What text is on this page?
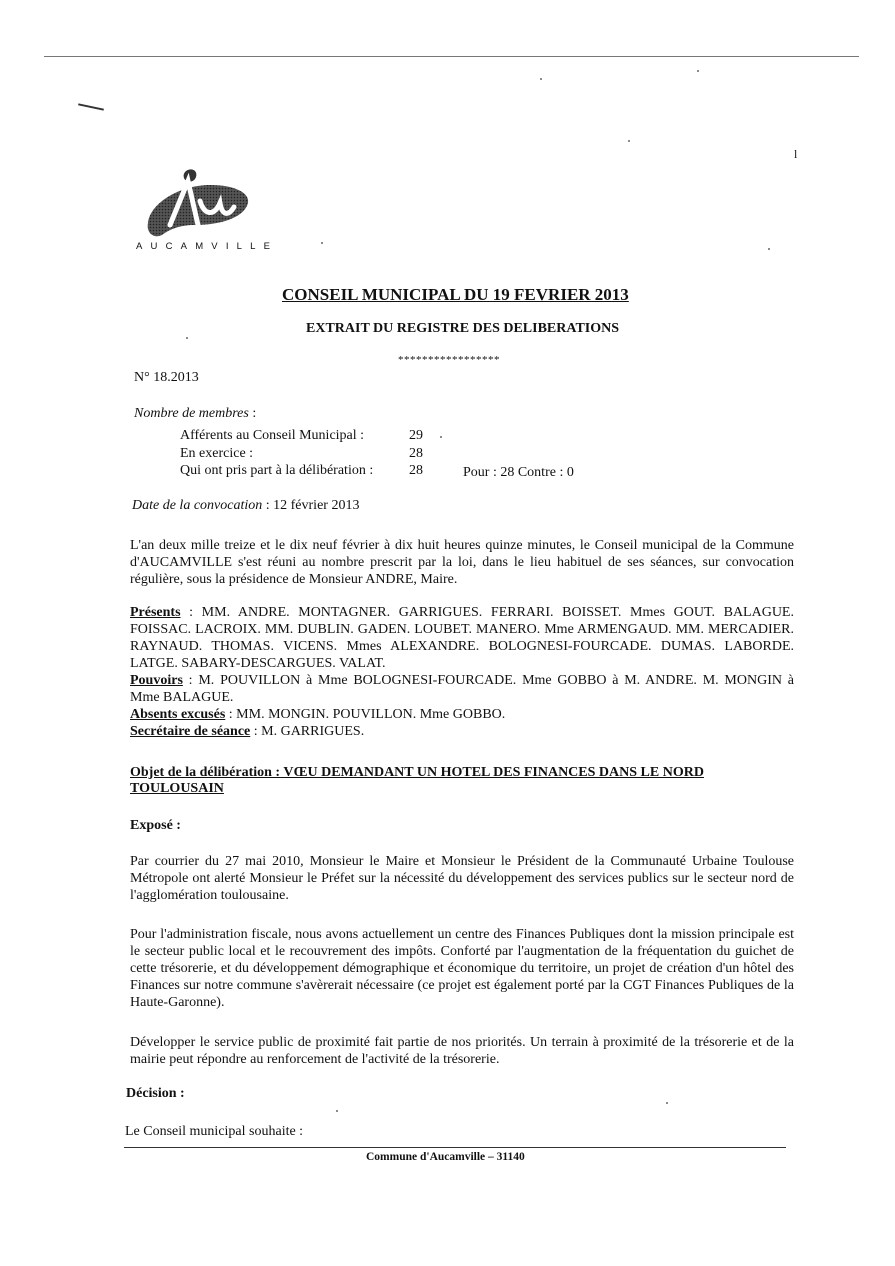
l
AUCAMVILLE
CONSEIL MUNICIPAL DU 19 FEVRIER 2013
EXTRAIT DU REGISTRE DES DELIBERATIONS
*****************
N° 18.2013
Nombre de membres :
Afférents au Conseil Municipal :	29
En exercice :	28
Qui ont pris part à la délibération :	28	Pour : 28 Contre : 0
Date de la convocation : 12 février 2013
L'an deux mille treize et le dix neuf février à dix huit heures quinze minutes, le Conseil municipal de la Commune d'AUCAMVILLE s'est réuni au nombre prescrit par la loi, dans le lieu habituel de ses séances, sur convocation régulière, sous la présidence de Monsieur ANDRE, Maire.
Présents : MM. ANDRE. MONTAGNER. GARRIGUES. FERRARI. BOISSET. Mmes GOUT. BALAGUE. FOISSAC. LACROIX. MM. DUBLIN. GADEN. LOUBET. MANERO. Mme ARMENGAUD. MM. MERCADIER. RAYNAUD. THOMAS. VICENS. Mmes ALEXANDRE. BOLOGNESI-FOURCADE. DUMAS. LABORDE. LATGE. SABARY-DESCARGUES. VALAT.
Pouvoirs : M. POUVILLON à Mme BOLOGNESI-FOURCADE. Mme GOBBO à M. ANDRE. M. MONGIN à Mme BALAGUE.
Absents excusés : MM. MONGIN. POUVILLON. Mme GOBBO.
Secrétaire de séance : M. GARRIGUES.
Objet de la délibération : VŒU DEMANDANT UN HOTEL DES FINANCES DANS LE NORD TOULOUSAIN
Exposé :
Par courrier du 27 mai 2010, Monsieur le Maire et Monsieur le Président de la Communauté Urbaine Toulouse Métropole ont alerté Monsieur le Préfet sur la nécessité du développement des services publics sur le secteur nord de l'agglomération toulousaine.
Pour l'administration fiscale, nous avons actuellement un centre des Finances Publiques dont la mission principale est le secteur public local et le recouvrement des impôts. Conforté par l'augmentation de la fréquentation du guichet de cette trésorerie, et du développement démographique et économique du territoire, un projet de création d'un hôtel des Finances sur notre commune s'avèrerait nécessaire (ce projet est également porté par la CGT Finances Publiques de la Haute-Garonne).
Développer le service public de proximité fait partie de nos priorités. Un terrain à proximité de la trésorerie et de la mairie peut répondre au renforcement de l'activité de la trésorerie.
Décision :
Le Conseil municipal souhaite :
Commune d'Aucamville – 31140
